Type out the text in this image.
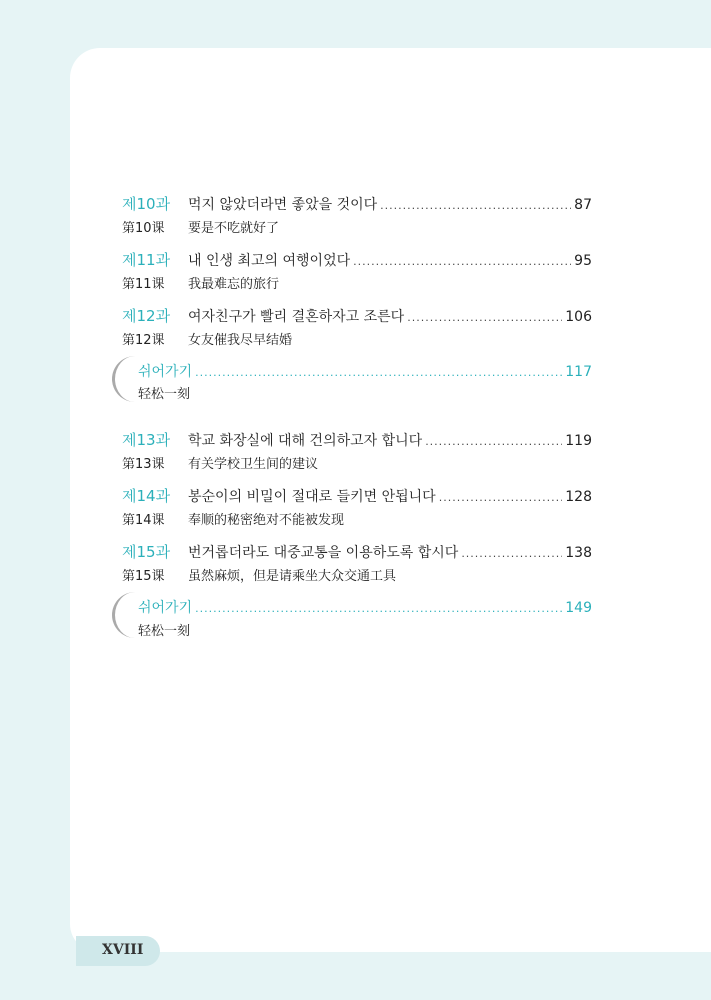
제10과	먹지 않았더라면 좋았을 것이다 .....	87
第10课	要是不吃就好了
제11과	내 인생 최고의 여행이었다 .....	95
第11课	我最难忘的旅行
제12과	여자친구가 빨리 결혼하자고 조른다 .....	106
第12课	女友催我尽早结婚
쉬어가기 .....	117
轻松一刻
제13과	학교 화장실에 대해 건의하고자 합니다 .....	119
第13课	有关学校卫生间的建议
제14과	봉순이의 비밀이 절대로 들키면 안됩니다 .....	128
第14课	奉顺的秘密绝对不能被发现
제15과	번거롭더라도 대중교통을 이용하도록 합시다 .....	138
第15课	虽然麻烦，但是请乘坐大众交通工具
쉬어가기 .....	149
轻松一刻
XVIII
